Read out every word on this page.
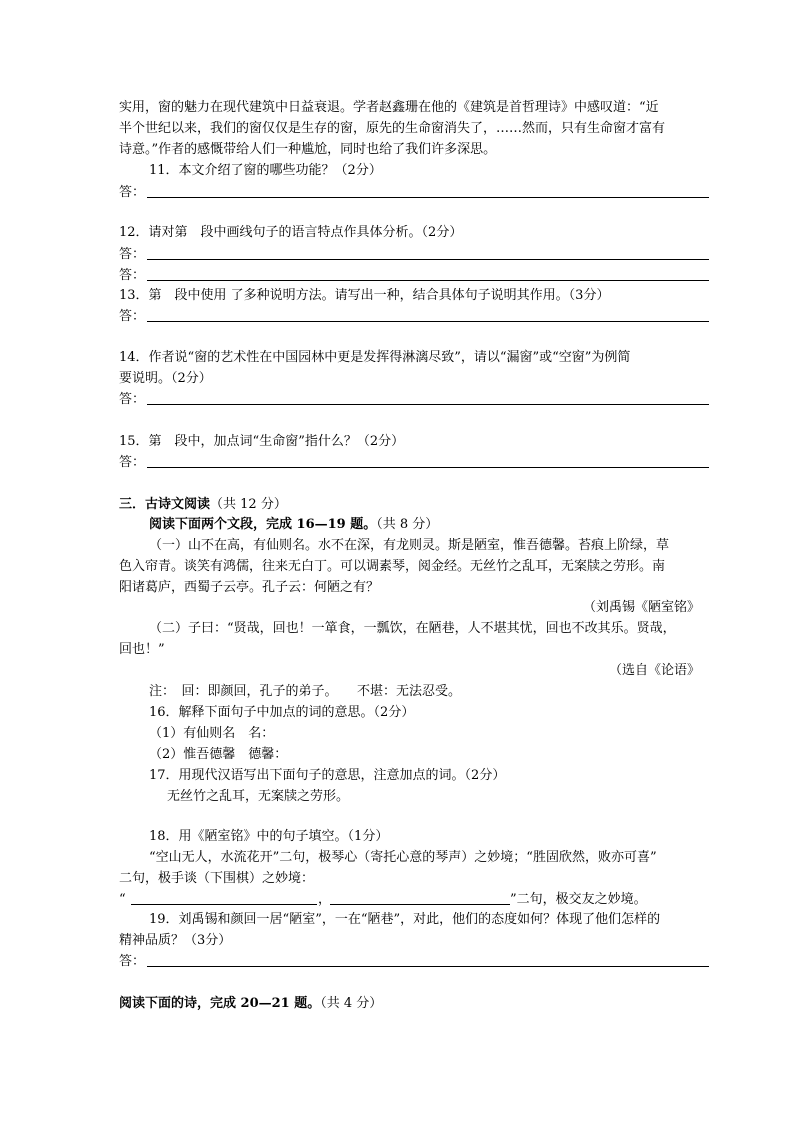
实用，窗的魅力在现代建筑中日益衰退。学者赵鑫珊在他的《建筑是首哲理诗》中感叹道：“近
半个世纪以来，我们的窗仅仅是生存的窗，原先的生命窗消失了，……然而，只有生命窗才富有
诗意。”作者的感慨带给人们一种尴尬，同时也给了我们许多深思。
11．本文介绍了窗的哪些功能？（2分）
答：
12．请对第　段中画线句子的语言特点作具体分析。（2分）
答：
答：
13．第　段中使用 了多种说明方法。请写出一种，结合具体句子说明其作用。（3分）
答：
14．作者说“窗的艺术性在中国园林中更是发挥得淋漓尽致”，请以“漏窗”或“空窗”为例简
要说明。（2分）
答：
15．第　段中，加点词“生命窗”指什么？（2分）
答：
三．古诗文阅读（共 12 分）
阅读下面两个文段，完成 16—19 题。（共 8 分）
（一）山不在高，有仙则名。水不在深，有龙则灵。斯是陋室，惟吾德馨。苔痕上阶绿，草
色入帘青。谈笑有鸿儒，往来无白丁。可以调素琴，阅金经。无丝竹之乱耳，无案牍之劳形。南
阳诸葛庐，西蜀子云亭。孔子云：何陋之有？
（刘禹锡《陋室铭》
（二）子曰：“贤哉，回也！一箪食，一瓢饮，在陋巷，人不堪其忧，回也不改其乐。贤哉，
回也！”
（选自《论语》
注：　回：即颜回，孔子的弟子。　　不堪：无法忍受。
16．解释下面句子中加点的词的意思。（2分）
（1）有仙则名　名：
（2）惟吾德馨　德馨：
17．用现代汉语写出下面句子的意思，注意加点的词。（2分）
无丝竹之乱耳，无案牍之劳形。
18．用《陋室铭》中的句子填空。（1分）
“空山无人，水流花开”二句，极琴心（寄托心意的琴声）之妙境；“胜固欣然，败亦可喜”
二句，极手谈（下围棋）之妙境：
“	，	”二句，极交友之妙境。
19．刘禹锡和颜回一居“陋室”，一在“陋巷”，对此，他们的态度如何？体现了他们怎样的
精神品质？（3分）
答：
阅读下面的诗，完成 20—21 题。（共 4 分）
